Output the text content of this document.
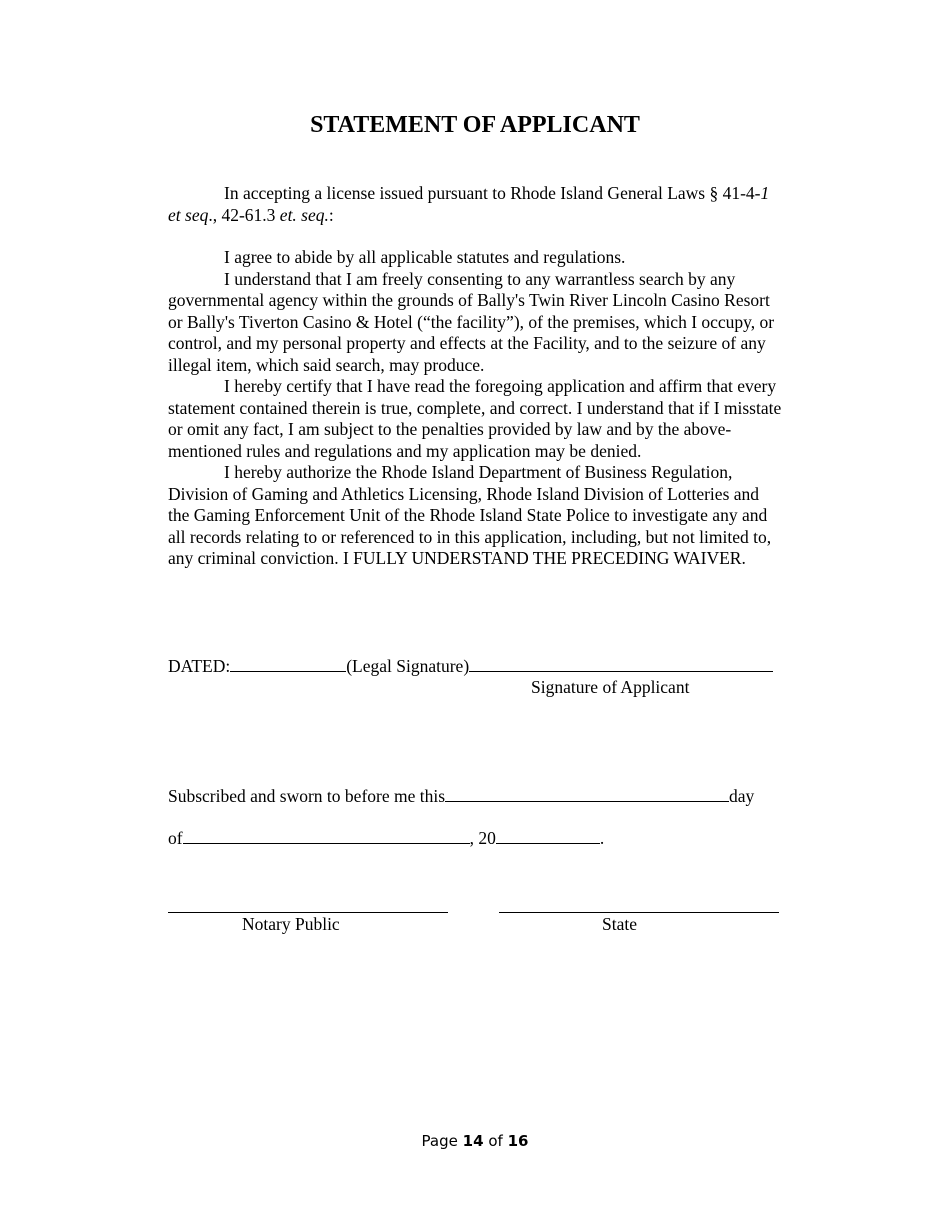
STATEMENT OF APPLICANT

In accepting a license issued pursuant to Rhode Island General Laws § 41-4-1 et seq., 42-61.3 et. seq.:

I agree to abide by all applicable statutes and regulations.

I understand that I am freely consenting to any warrantless search by any governmental agency within the grounds of Bally's Twin River Lincoln Casino Resort or Bally's Tiverton Casino & Hotel (“the facility”), of the premises, which I occupy, or control, and my personal property and effects at the Facility, and to the seizure of any illegal item, which said search, may produce.

I hereby certify that I have read the foregoing application and affirm that every statement contained therein is true, complete, and correct. I understand that if I misstate or omit any fact, I am subject to the penalties provided by law and by the above-mentioned rules and regulations and my application may be denied.

I hereby authorize the Rhode Island Department of Business Regulation, Division of Gaming and Athletics Licensing, Rhode Island Division of Lotteries and the Gaming Enforcement Unit of the Rhode Island State Police to investigate any and all records relating to or referenced to in this application, including, but not limited to, any criminal conviction. I FULLY UNDERSTAND THE PRECEDING WAIVER.

DATED:	(Legal Signature)
Signature of Applicant
Subscribed and sworn to before me this	day
of	, 20	.
Notary Public	State
Page 14 of 16
